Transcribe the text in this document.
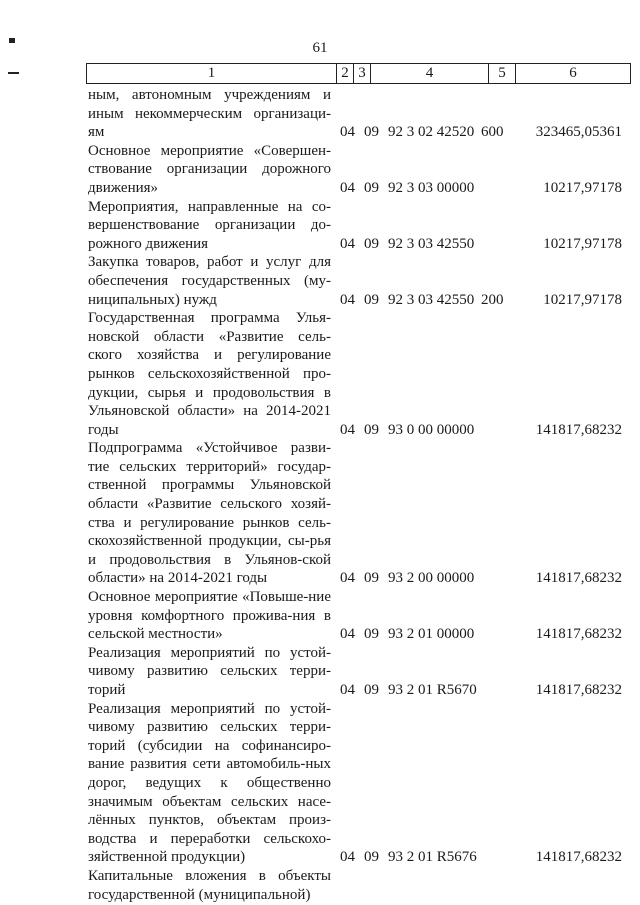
61
1	2 3	4	5	6
ным, автономным учреждениям и иным некоммерческим организаци-ям	04 09 92 3 02 42520 600	323465,05361
Основное мероприятие «Совершен-ствование организации дорожного движения»	04 09 92 3 03 00000	10217,97178
Мероприятия, направленные на со-вершенствование организации до-рожного движения	04 09 92 3 03 42550	10217,97178
Закупка товаров, работ и услуг для обеспечения государственных (му-ниципальных) нужд	04 09 92 3 03 42550 200	10217,97178
Государственная программа Улья-новской области «Развитие сель-ского хозяйства и регулирование рынков сельскохозяйственной про-дукции, сырья и продовольствия в Ульяновской области» на 2014-2021 годы	04 09 93 0 00 00000	141817,68232
Подпрограмма «Устойчивое разви-тие сельских территорий» государ-ственной программы Ульяновской области «Развитие сельского хозяй-ства и регулирование рынков сель-скохозяйственной продукции, сы-рья и продовольствия в Ульянов-ской области» на 2014-2021 годы	04 09 93 2 00 00000	141817,68232
Основное мероприятие «Повыше-ние уровня комфортного прожива-ния в сельской местности»	04 09 93 2 01 00000	141817,68232
Реализация мероприятий по устой-чивому развитию сельских терри-торий	04 09 93 2 01 R5670	141817,68232
Реализация мероприятий по устой-чивому развитию сельских терри-торий (субсидии на софинансиро-вание развития сети автомобиль-ных дорог, ведущих к общественно значимым объектам сельских насе-лённых пунктов, объектам произ-водства и переработки сельскохо-зяйственной продукции)	04 09 93 2 01 R5676	141817,68232
Капитальные вложения в объекты государственной (муниципальной)
